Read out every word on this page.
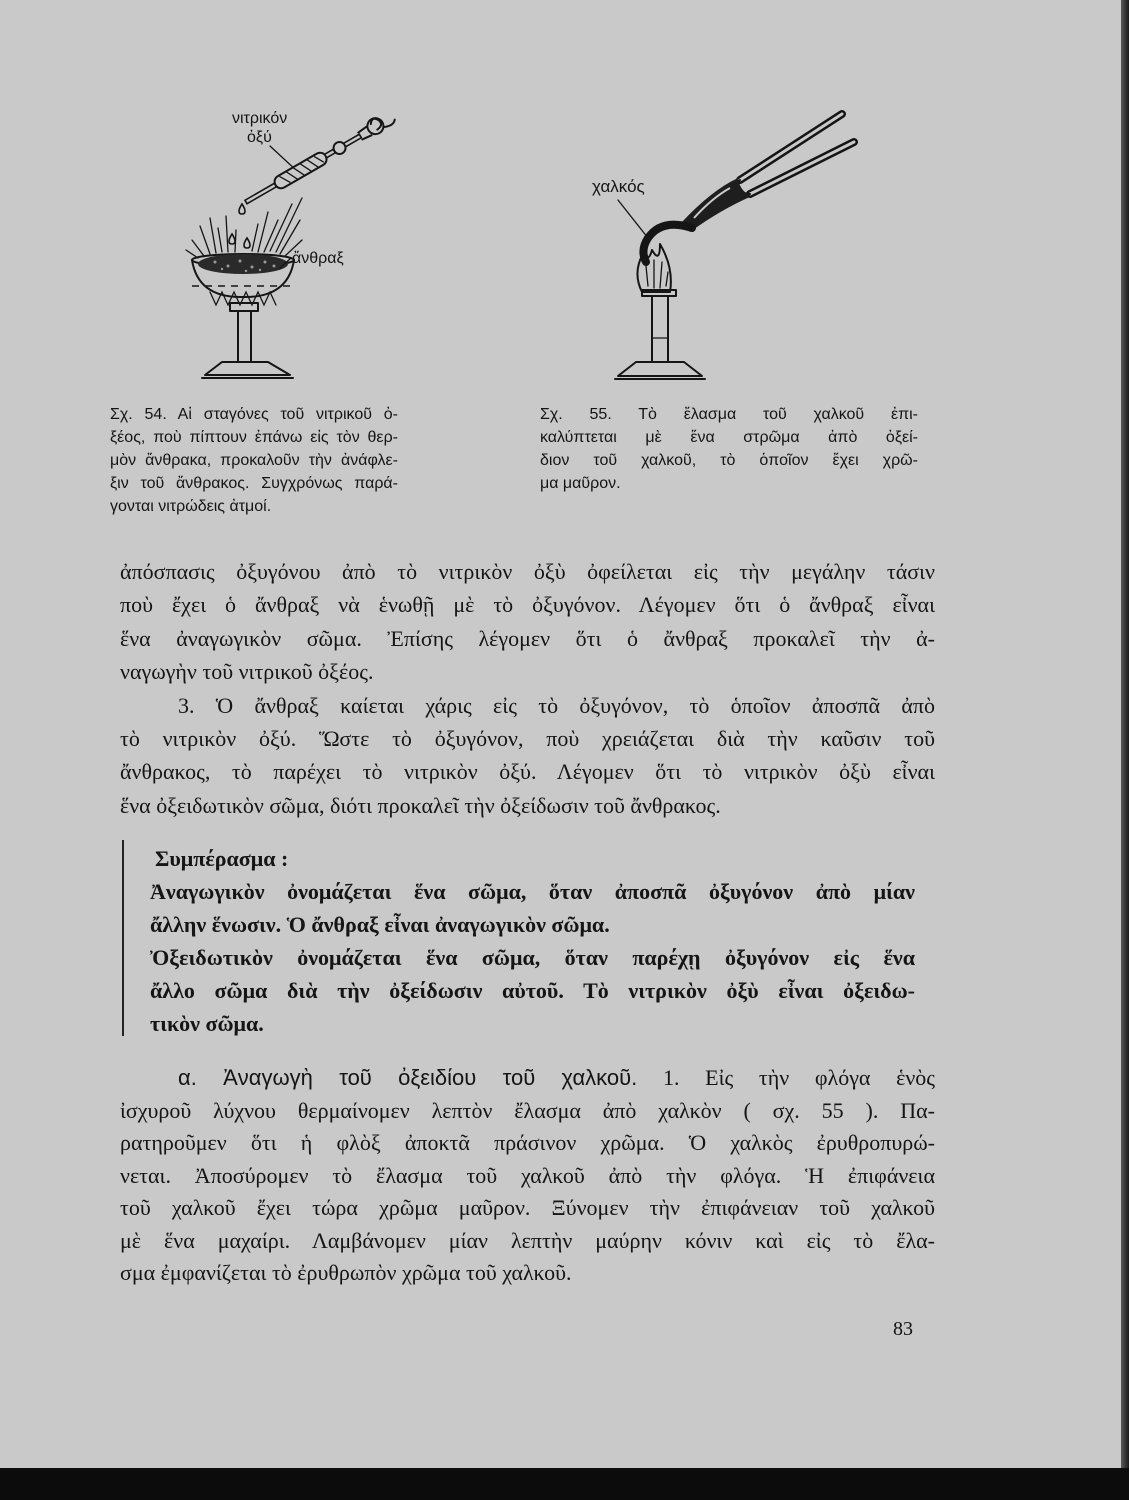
νιτρικόν
ὀξύ
ἄνθραξ
χαλκός
Σχ. 54. Αἱ σταγόνες τοῦ νιτρικοῦ ὀ-
ξέος, ποὺ πίπτουν ἐπάνω εἰς τὸν θερ-
μὸν ἄνθρακα, προκαλοῦν τὴν ἀνάφλε-
ξιν τοῦ ἄνθρακος. Συγχρόνως παρά-
γονται νιτρώδεις ἀτμοί.
Σχ. 55. Τὸ ἔλασμα τοῦ χαλκοῦ ἐπι-
καλύπτεται μὲ ἕνα στρῶμα ἀπὸ ὀξεί-
διον τοῦ χαλκοῦ, τὸ ὁποῖον ἔχει χρῶ-
μα μαῦρον.
ἀπόσπασις ὀξυγόνου ἀπὸ τὸ νιτρικὸν ὀξὺ ὀφείλεται εἰς τὴν μεγάλην τάσιν
ποὺ ἔχει ὁ ἄνθραξ νὰ ἑνωθῇ μὲ τὸ ὀξυγόνον. Λέγομεν ὅτι ὁ ἄνθραξ εἶναι
ἕνα ἀναγωγικὸν σῶμα. Ἐπίσης λέγομεν ὅτι ὁ ἄνθραξ προκαλεῖ τὴν ἀ-
ναγωγὴν τοῦ νιτρικοῦ ὀξέος.
3. Ὁ ἄνθραξ καίεται χάρις εἰς τὸ ὀξυγόνον, τὸ ὁποῖον ἀποσπᾶ ἀπὸ
τὸ νιτρικὸν ὀξύ. Ὥστε τὸ ὀξυγόνον, ποὺ χρειάζεται διὰ τὴν καῦσιν τοῦ
ἄνθρακος, τὸ παρέχει τὸ νιτρικὸν ὀξύ. Λέγομεν ὅτι τὸ νιτρικὸν ὀξὺ εἶναι
ἕνα ὀξειδωτικὸν σῶμα, διότι προκαλεῖ τὴν ὀξείδωσιν τοῦ ἄνθρακος.
Συμπέρασμα :
Ἀναγωγικὸν ὀνομάζεται ἕνα σῶμα, ὅταν ἀποσπᾶ ὀξυγόνον ἀπὸ μίαν
ἄλλην ἕνωσιν. Ὁ ἄνθραξ εἶναι ἀναγωγικὸν σῶμα.
Ὀξειδωτικὸν ὀνομάζεται ἕνα σῶμα, ὅταν παρέχῃ ὀξυγόνον εἰς ἕνα
ἄλλο σῶμα διὰ τὴν ὀξείδωσιν αὐτοῦ. Τὸ νιτρικὸν ὀξὺ εἶναι ὀξειδω-
τικὸν σῶμα.
α. Ἀναγωγὴ τοῦ ὀξειδίου τοῦ χαλκοῦ. 1. Εἰς τὴν φλόγα ἑνὸς
ἰσχυροῦ λύχνου θερμαίνομεν λεπτὸν ἔλασμα ἀπὸ χαλκὸν ( σχ. 55 ). Πα-
ρατηροῦμεν ὅτι ἡ φλὸξ ἀποκτᾶ πράσινον χρῶμα. Ὁ χαλκὸς ἐρυθροπυρώ-
νεται. Ἀποσύρομεν τὸ ἔλασμα τοῦ χαλκοῦ ἀπὸ τὴν φλόγα. Ἡ ἐπιφάνεια
τοῦ χαλκοῦ ἔχει τώρα χρῶμα μαῦρον. Ξύνομεν τὴν ἐπιφάνειαν τοῦ χαλκοῦ
μὲ ἕνα μαχαίρι. Λαμβάνομεν μίαν λεπτὴν μαύρην κόνιν καὶ εἰς τὸ ἔλα-
σμα ἐμφανίζεται τὸ ἐρυθρωπὸν χρῶμα τοῦ χαλκοῦ.
83
